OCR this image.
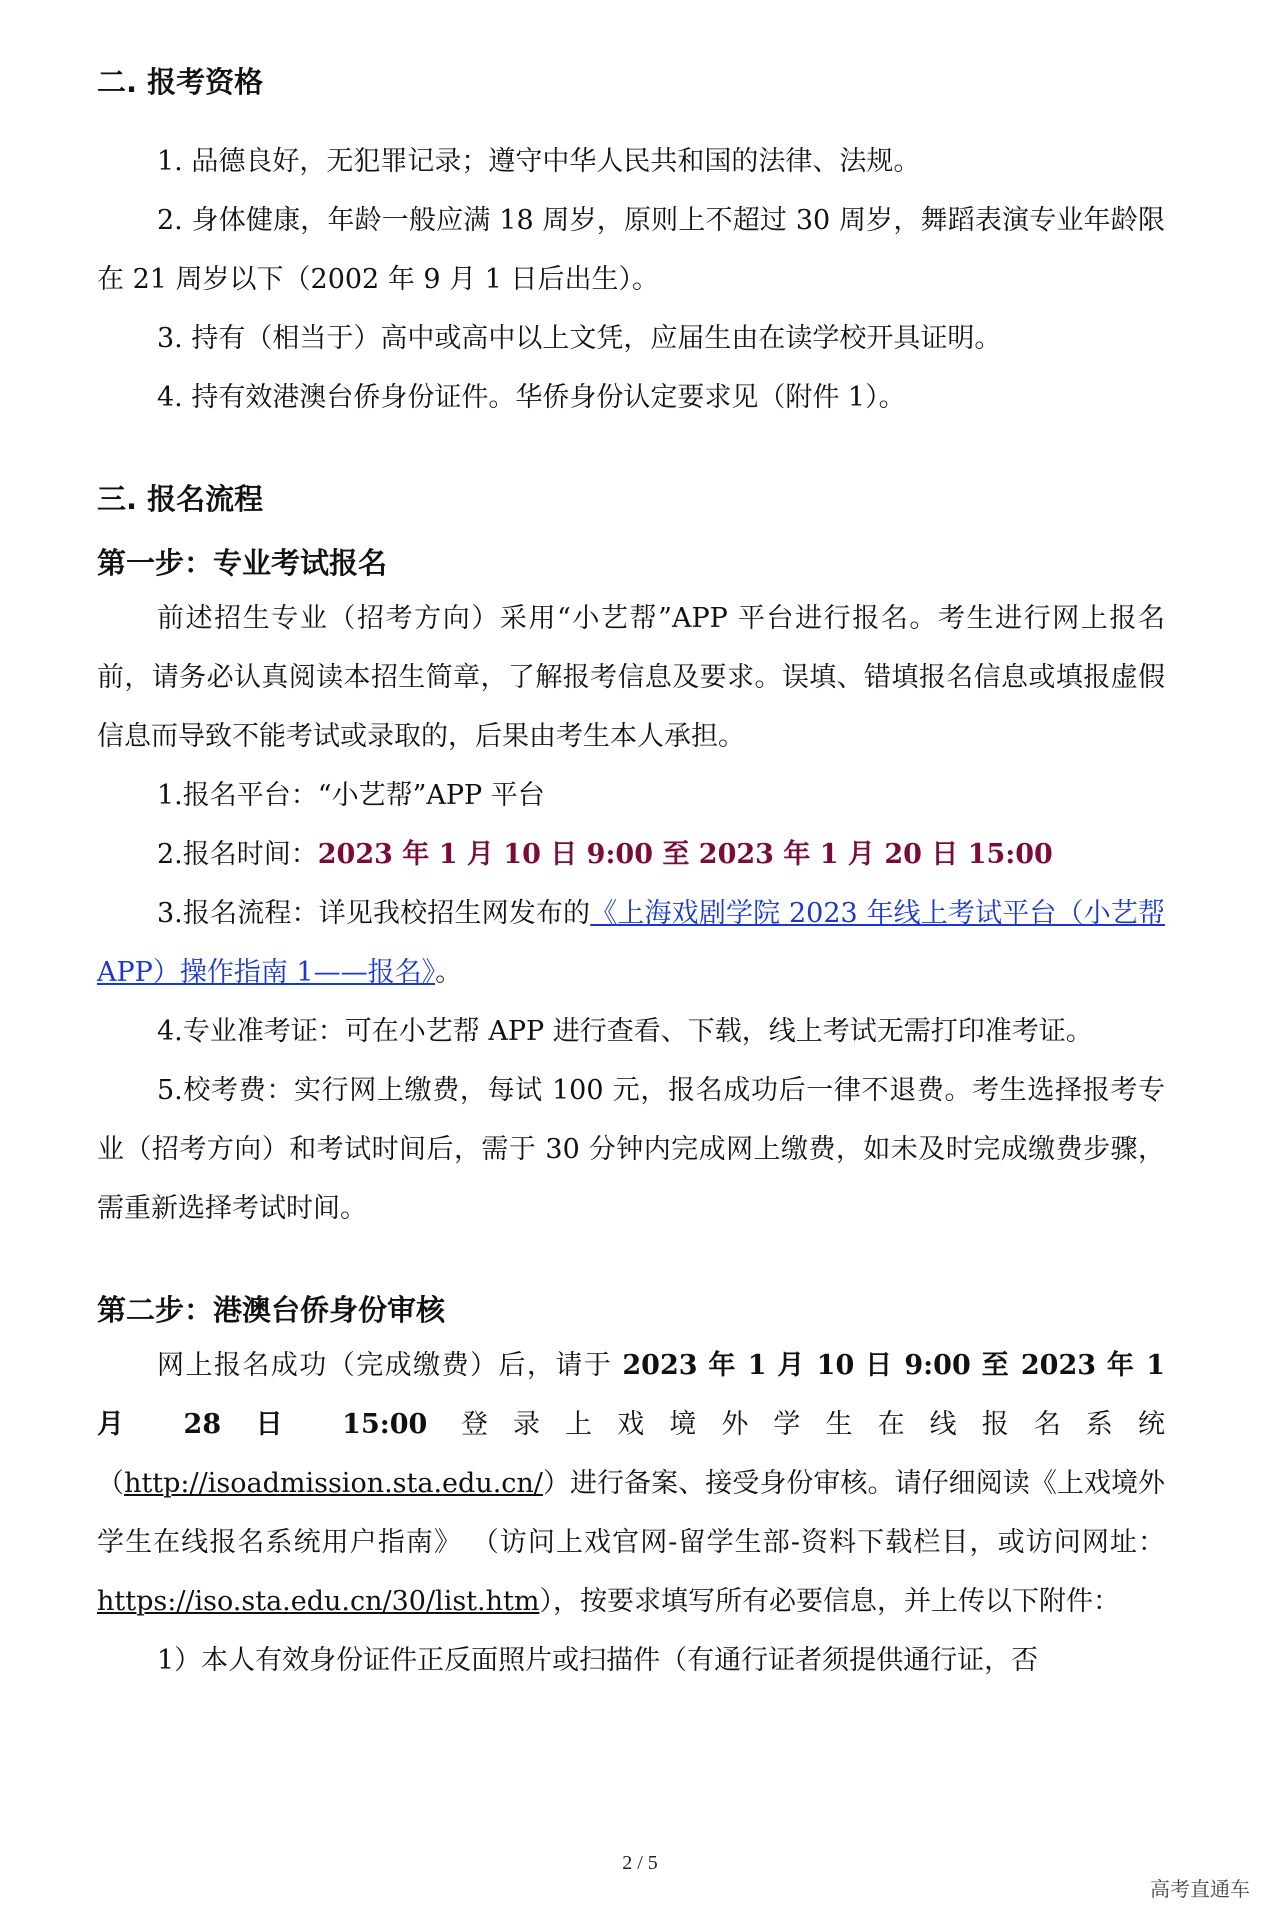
二. 报考资格

1. 品德良好，无犯罪记录；遵守中华人民共和国的法律、法规。

2. 身体健康，年龄一般应满 18 周岁，原则上不超过 30 周岁，舞蹈表演专业年龄限在 21 周岁以下（2002 年 9 月 1 日后出生）。

3. 持有（相当于）高中或高中以上文凭，应届生由在读学校开具证明。

4. 持有效港澳台侨身份证件。华侨身份认定要求见（附件 1）。

三. 报名流程

第一步：专业考试报名

前述招生专业（招考方向）采用“小艺帮”APP 平台进行报名。考生进行网上报名前，请务必认真阅读本招生简章，了解报考信息及要求。误填、错填报名信息或填报虚假信息而导致不能考试或录取的，后果由考生本人承担。

1.报名平台：“小艺帮”APP 平台

2.报名时间：2023 年 1 月 10 日 9:00 至 2023 年 1 月 20 日 15:00

3.报名流程：详见我校招生网发布的《上海戏剧学院 2023 年线上考试平台（小艺帮 APP）操作指南 1——报名》。

4.专业准考证：可在小艺帮 APP 进行查看、下载，线上考试无需打印准考证。

5.校考费：实行网上缴费，每试 100 元，报名成功后一律不退费。考生选择报考专业（招考方向）和考试时间后，需于 30 分钟内完成网上缴费，如未及时完成缴费步骤，需重新选择考试时间。

第二步：港澳台侨身份审核

网上报名成功（完成缴费）后，请于 2023 年 1 月 10 日 9:00 至 2023 年 1

月 28 日 15:00 登录上戏境外学生在线报名系统

（http://isoadmission.sta.edu.cn/）进行备案、接受身份审核。请仔细阅读《上戏境外学生在线报名系统用户指南》 （访问上戏官网-留学生部-资料下载栏目，或访问网址：https://iso.sta.edu.cn/30/list.htm），按要求填写所有必要信息，并上传以下附件：

1）本人有效身份证件正反面照片或扫描件（有通行证者须提供通行证，否

2 / 5
高考直通车
